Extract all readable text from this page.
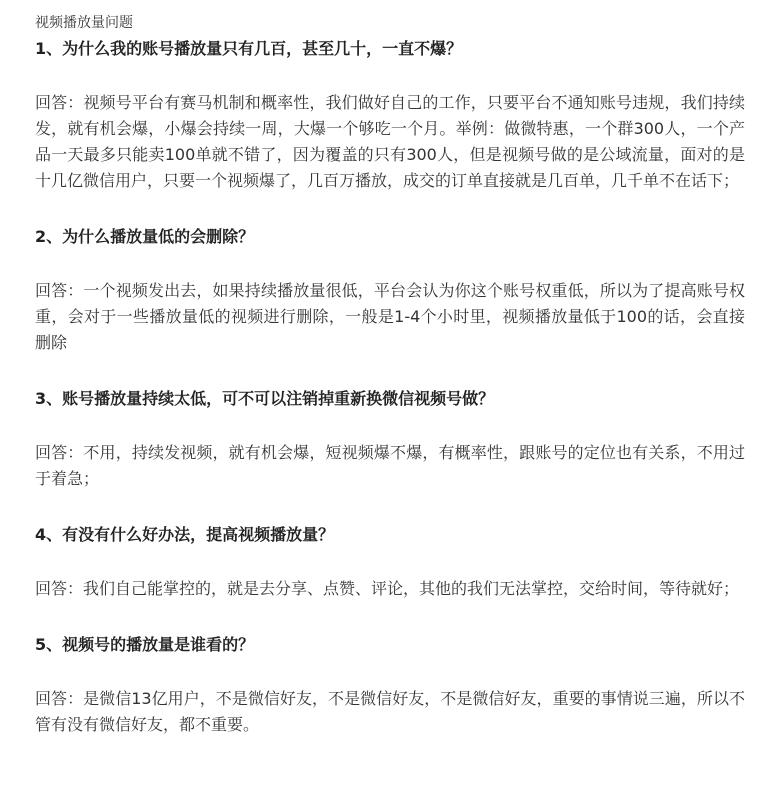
视频播放量问题

1、为什么我的账号播放量只有几百，甚至几十，一直不爆？

回答：视频号平台有赛马机制和概率性，我们做好自己的工作，只要平台不通知账号违规，我们持续发，就有机会爆，小爆会持续一周，大爆一个够吃一个月。举例：做微特惠，一个群300人，一个产品一天最多只能卖100单就不错了，因为覆盖的只有300人，但是视频号做的是公域流量，面对的是十几亿微信用户，只要一个视频爆了，几百万播放，成交的订单直接就是几百单，几千单不在话下；

2、为什么播放量低的会删除？

回答：一个视频发出去，如果持续播放量很低，平台会认为你这个账号权重低，所以为了提高账号权重，会对于一些播放量低的视频进行删除，一般是1-4个小时里，视频播放量低于100的话，会直接删除

3、账号播放量持续太低，可不可以注销掉重新换微信视频号做？

回答：不用，持续发视频，就有机会爆，短视频爆不爆，有概率性，跟账号的定位也有关系，不用过于着急；

4、有没有什么好办法，提高视频播放量？

回答：我们自己能掌控的，就是去分享、点赞、评论，其他的我们无法掌控，交给时间，等待就好；

5、视频号的播放量是谁看的？

回答：是微信13亿用户，不是微信好友，不是微信好友，不是微信好友，重要的事情说三遍，所以不管有没有微信好友，都不重要。
